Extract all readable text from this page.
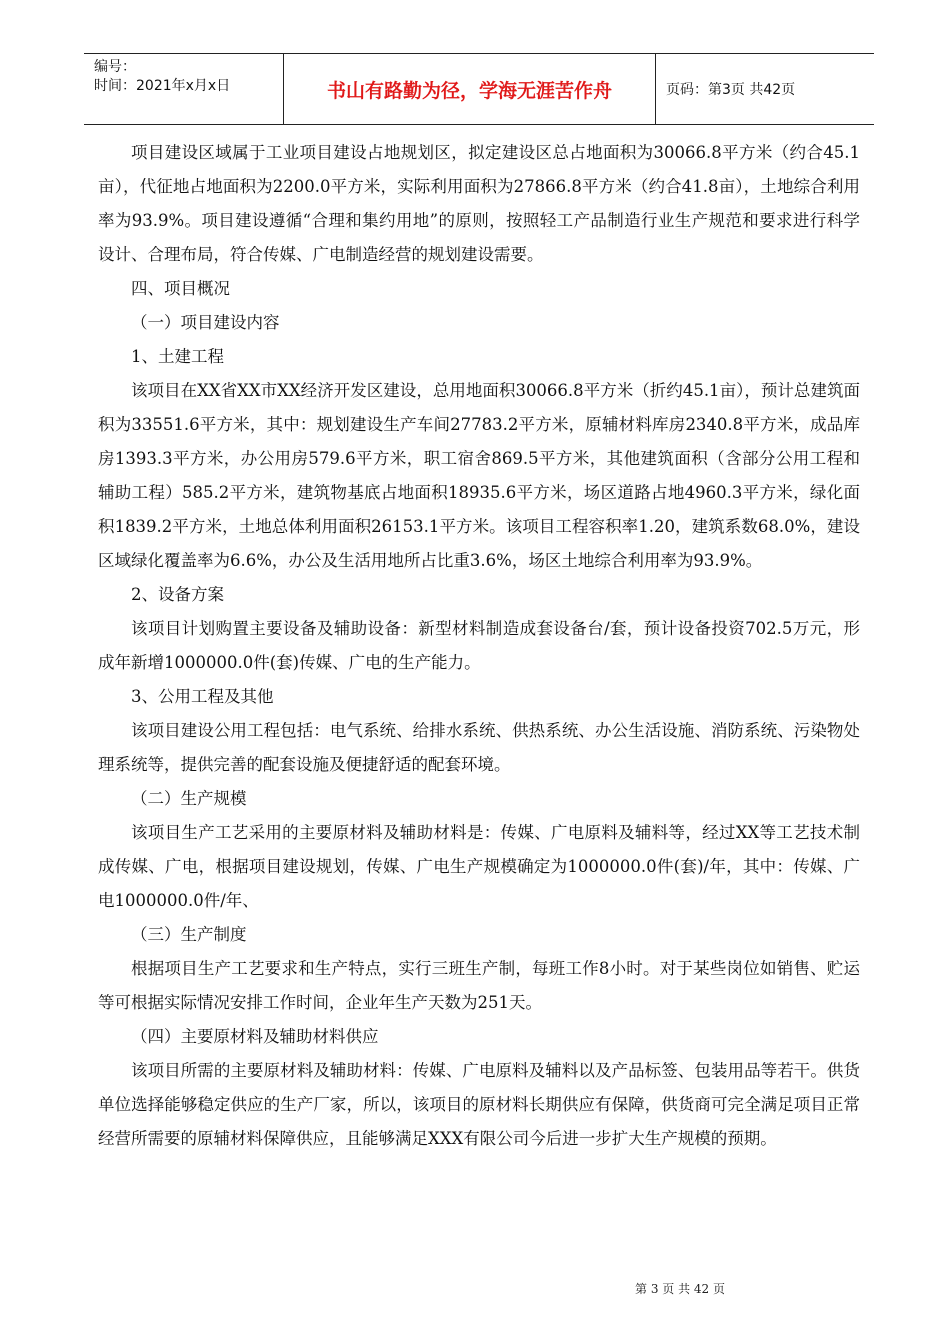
编号：
时间：2021年x月x日	书山有路勤为径，学海无涯苦作舟	页码：第3页 共42页

项目建设区域属于工业项目建设占地规划区，拟定建设区总占地面积为30066.8平方米（约合45.1亩），代征地占地面积为2200.0平方米，实际利用面积为27866.8平方米（约合41.8亩），土地综合利用率为93.9%。项目建设遵循“合理和集约用地”的原则，按照轻工产品制造行业生产规范和要求进行科学设计、合理布局，符合传媒、广电制造经营的规划建设需要。

四、项目概况

（一）项目建设内容

1、土建工程

该项目在XX省XX市XX经济开发区建设，总用地面积30066.8平方米（折约45.1亩），预计总建筑面积为33551.6平方米，其中：规划建设生产车间27783.2平方米，原辅材料库房2340.8平方米，成品库房1393.3平方米，办公用房579.6平方米，职工宿舍869.5平方米，其他建筑面积（含部分公用工程和辅助工程）585.2平方米，建筑物基底占地面积18935.6平方米，场区道路占地4960.3平方米，绿化面积1839.2平方米，土地总体利用面积26153.1平方米。该项目工程容积率1.20，建筑系数68.0%，建设区域绿化覆盖率为6.6%，办公及生活用地所占比重3.6%，场区土地综合利用率为93.9%。

2、设备方案

该项目计划购置主要设备及辅助设备：新型材料制造成套设备台/套，预计设备投资702.5万元，形成年新增1000000.0件(套)传媒、广电的生产能力。

3、公用工程及其他

该项目建设公用工程包括：电气系统、给排水系统、供热系统、办公生活设施、消防系统、污染物处理系统等，提供完善的配套设施及便捷舒适的配套环境。

（二）生产规模

该项目生产工艺采用的主要原材料及辅助材料是：传媒、广电原料及辅料等，经过XX等工艺技术制成传媒、广电，根据项目建设规划，传媒、广电生产规模确定为1000000.0件(套)/年，其中：传媒、广电1000000.0件/年、

（三）生产制度

根据项目生产工艺要求和生产特点，实行三班生产制，每班工作8小时。对于某些岗位如销售、贮运等可根据实际情况安排工作时间，企业年生产天数为251天。

（四）主要原材料及辅助材料供应

该项目所需的主要原材料及辅助材料：传媒、广电原料及辅料以及产品标签、包装用品等若干。供货单位选择能够稳定供应的生产厂家，所以，该项目的原材料长期供应有保障，供货商可完全满足项目正常经营所需要的原辅材料保障供应，且能够满足XXX有限公司今后进一步扩大生产规模的预期。

第 3 页 共 42 页
